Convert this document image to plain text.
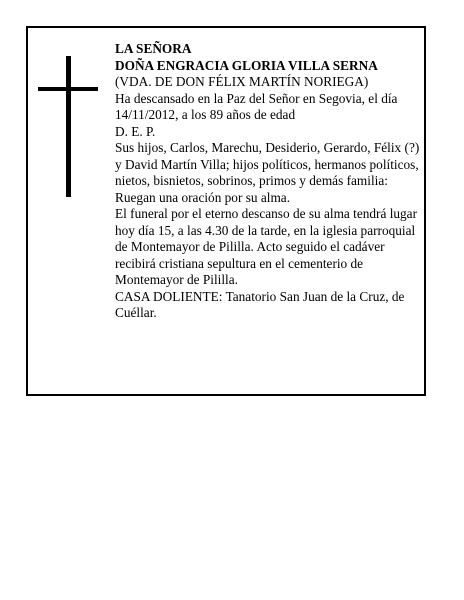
LA SEÑORA

DOÑA ENGRACIA GLORIA VILLA SERNA

(VDA. DE DON FÉLIX MARTÍN NORIEGA)

Ha descansado en la Paz del Señor en Segovia, el día 14/11/2012, a los 89 años de edad

D. E. P.

Sus hijos, Carlos, Marechu, Desiderio, Gerardo, Félix (?) y David Martín Villa; hijos políticos, hermanos políticos, nietos, bisnietos, sobrinos, primos y demás familia:

Ruegan una oración por su alma.

El funeral por el eterno descanso de su alma tendrá lugar hoy día 15, a las 4.30 de la tarde, en la iglesia parroquial de Montemayor de Pililla. Acto seguido el cadáver recibirá cristiana sepultura en el cementerio de Montemayor de Pililla.

CASA DOLIENTE: Tanatorio San Juan de la Cruz, de Cuéllar.
